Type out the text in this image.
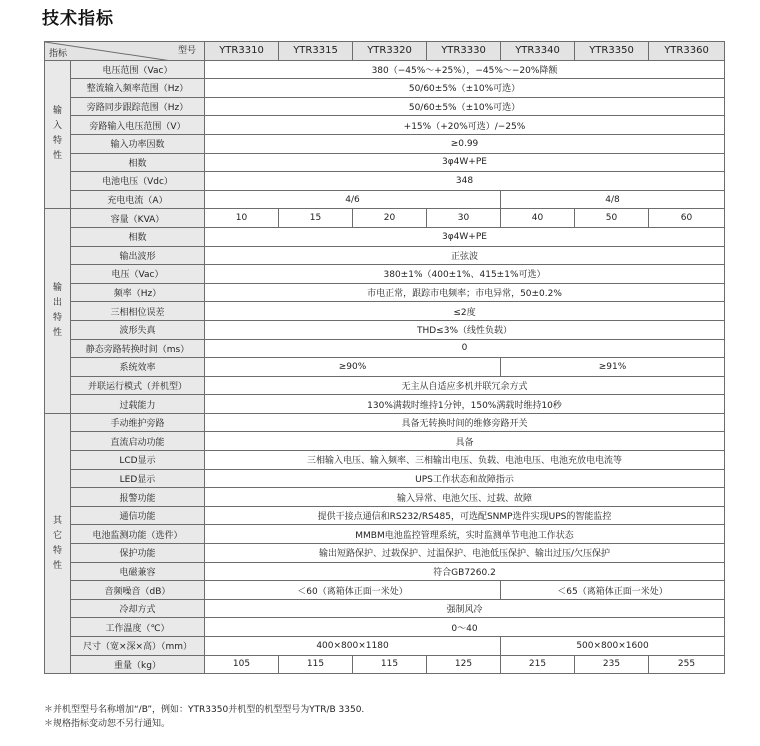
技术指标
型号
指标		YTR3310	YTR3315	YTR3320	YTR3330	YTR3340	YTR3350	YTR3360
输
入
特
性	电压范围（Vac）	380（−45%～+25%），−45%～−20%降额						
	整流输入频率范围（Hz）	50/60±5%（±10%可选）						
	旁路同步跟踪范围（Hz）	50/60±5%（±10%可选）						
	旁路输入电压范围（V）	+15%（+20%可选）/−25%						
	输入功率因数	≥0.99						
	相数	3φ4W+PE						
	电池电压（Vdc）	348						
	充电电流（A）	4/6				4/8		
输
出
特
性	容量（KVA）	10	15	20	30	40	50	60
	相数	3φ4W+PE						
	输出波形	正弦波						
	电压（Vac）	380±1%（400±1%、415±1%可选）						
	频率（Hz）	市电正常，跟踪市电频率；市电异常，50±0.2%						
	三相相位误差	≤2度						
	波形失真	THD≤3%（线性负载）						
	静态旁路转换时间（ms）	0						
	系统效率	≥90%				≥91%		
	并联运行模式（并机型）	无主从自适应多机并联冗余方式						
	过载能力	130%满载时维持1分钟，150%满载时维持10秒						
其
它
特
性	手动维护旁路	具备无转换时间的维修旁路开关						
	直流启动功能	具备						
	LCD显示	三相输入电压、输入频率、三相输出电压、负载、电池电压、电池充放电电流等						
	LED显示	UPS工作状态和故障指示						
	报警功能	输入异常、电池欠压、过载、故障						
	通信功能	提供干接点通信和RS232/RS485，可选配SNMP选件实现UPS的智能监控						
	电池监测功能（选件）	MMBM电池监控管理系统，实时监测单节电池工作状态						
	保护功能	输出短路保护、过载保护、过温保护、电池低压保护、输出过压/欠压保护						
	电磁兼容	符合GB7260.2						
	音频噪音（dB）	＜60（离箱体正面一米处）				＜65（离箱体正面一米处）		
	冷却方式	强制风冷						
	工作温度（℃）	0～40						
	尺寸（宽×深×高）（mm）	400×800×1180				500×800×1600		
	重量（kg）	105	115	115	125	215	235	255
＊并机型型号名称增加“/B”，例如：YTR3350并机型的机型型号为YTR/B 3350.
＊规格指标变动恕不另行通知。
